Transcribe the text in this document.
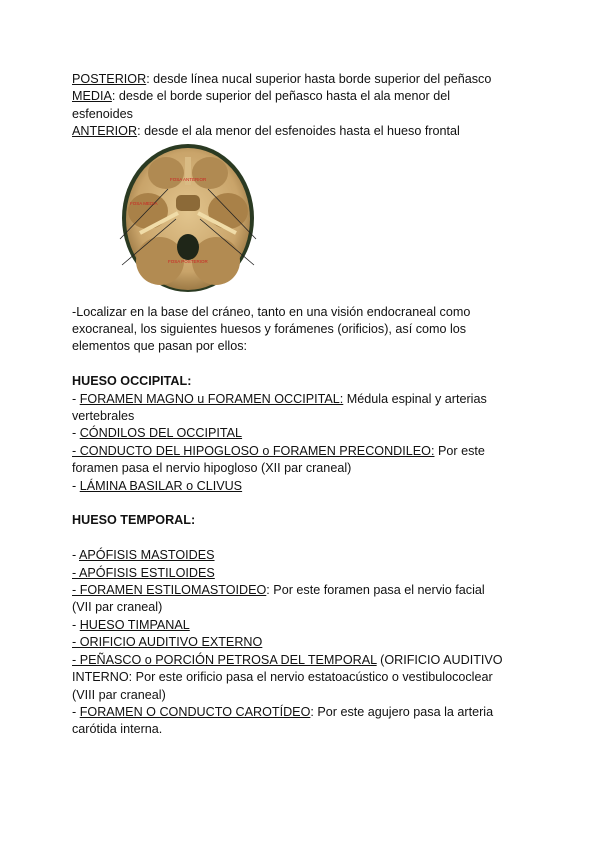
POSTERIOR: desde línea nucal superior hasta borde superior del peñasco

MEDIA: desde el borde superior del peñasco hasta el ala menor del

esfenoides

ANTERIOR: desde el ala menor del esfenoides hasta el hueso frontal

FOSA ANTERIOR
FOSA MEDIA
FOSA POSTERIOR

-Localizar en la base del cráneo, tanto en una visión endocraneal como

exocraneal, los siguientes huesos y forámenes (orificios), así como los

elementos que pasan por ellos:

HUESO OCCIPITAL:

- FORAMEN MAGNO u FORAMEN OCCIPITAL: Médula espinal y arterias

vertebrales

- CÓNDILOS DEL OCCIPITAL

- CONDUCTO DEL HIPOGLOSO o FORAMEN PRECONDILEO: Por este

foramen pasa el nervio hipogloso (XII par craneal)

- LÁMINA BASILAR o CLIVUS

HUESO TEMPORAL:

- APÓFISIS MASTOIDES

- APÓFISIS ESTILOIDES

- FORAMEN ESTILOMASTOIDEO: Por este foramen pasa el nervio facial

(VII par craneal)

- HUESO TIMPANAL

- ORIFICIO AUDITIVO EXTERNO

- PEÑASCO o PORCIÓN PETROSA DEL TEMPORAL (ORIFICIO AUDITIVO

INTERNO: Por este orificio pasa el nervio estatoacústico o vestibulococlear

(VIII par craneal)

- FORAMEN O CONDUCTO CAROTÍDEO: Por este agujero pasa la arteria

carótida interna.
